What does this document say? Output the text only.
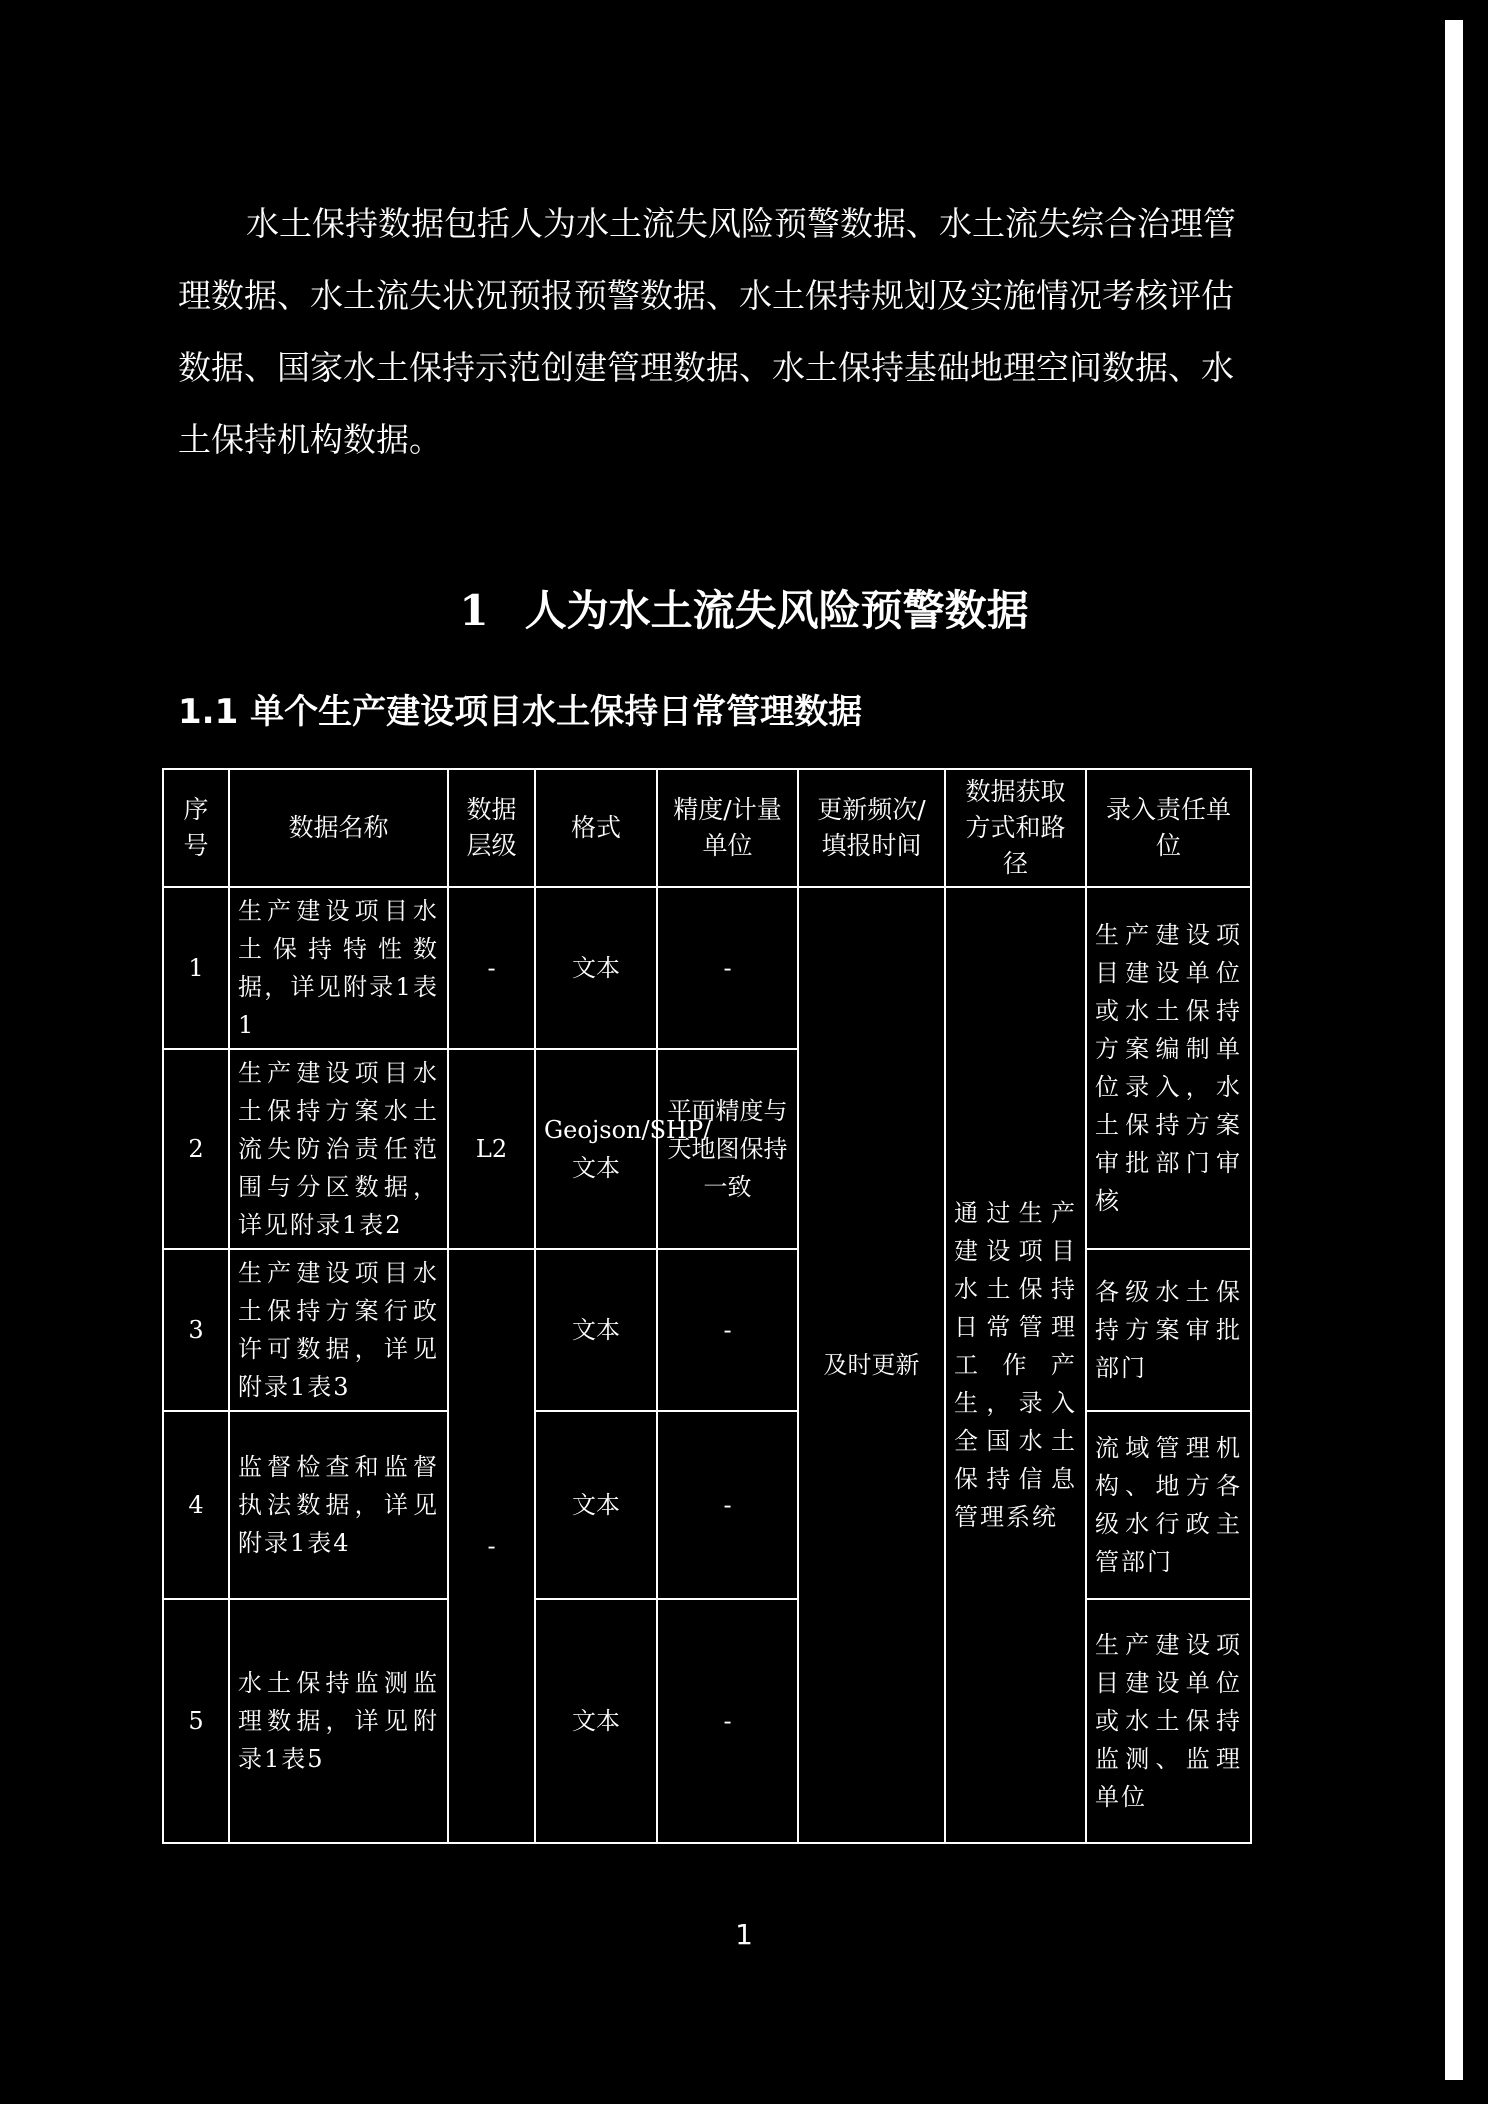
水土保持数据包括人为水土流失风险预警数据、水土流失综合治理管理数据、水土流失状况预报预警数据、水土保持规划及实施情况考核评估数据、国家水土保持示范创建管理数据、水土保持基础地理空间数据、水土保持机构数据。

1 人为水土流失风险预警数据
1.1 单个生产建设项目水土保持日常管理数据
序号	数据名称	数据层级	格式	精度/计量单位	更新频次/填报时间	数据获取方式和路径	录入责任单位
1	生产建设项目水土保持特性数据，详见附录1表1	-	文本	-	及时更新	通过生产建设项目水土保持日常管理工作产生，录入全国水土保持信息管理系统	生产建设项目建设单位或水土保持方案编制单位录入，水土保持方案审批部门审核
2	生产建设项目水土保持方案水土流失防治责任范围与分区数据，详见附录1表2	L2	Geojson/SHP/文本	平面精度与天地图保持一致			
3	生产建设项目水土保持方案行政许可数据，详见附录1表3	-	文本	-			各级水土保持方案审批部门
4	监督检查和监督执法数据，详见附录1表4		文本	-			流域管理机构、地方各级水行政主管部门
5	水土保持监测监理数据，详见附录1表5		文本	-			生产建设项目建设单位或水土保持监测、监理单位
1
